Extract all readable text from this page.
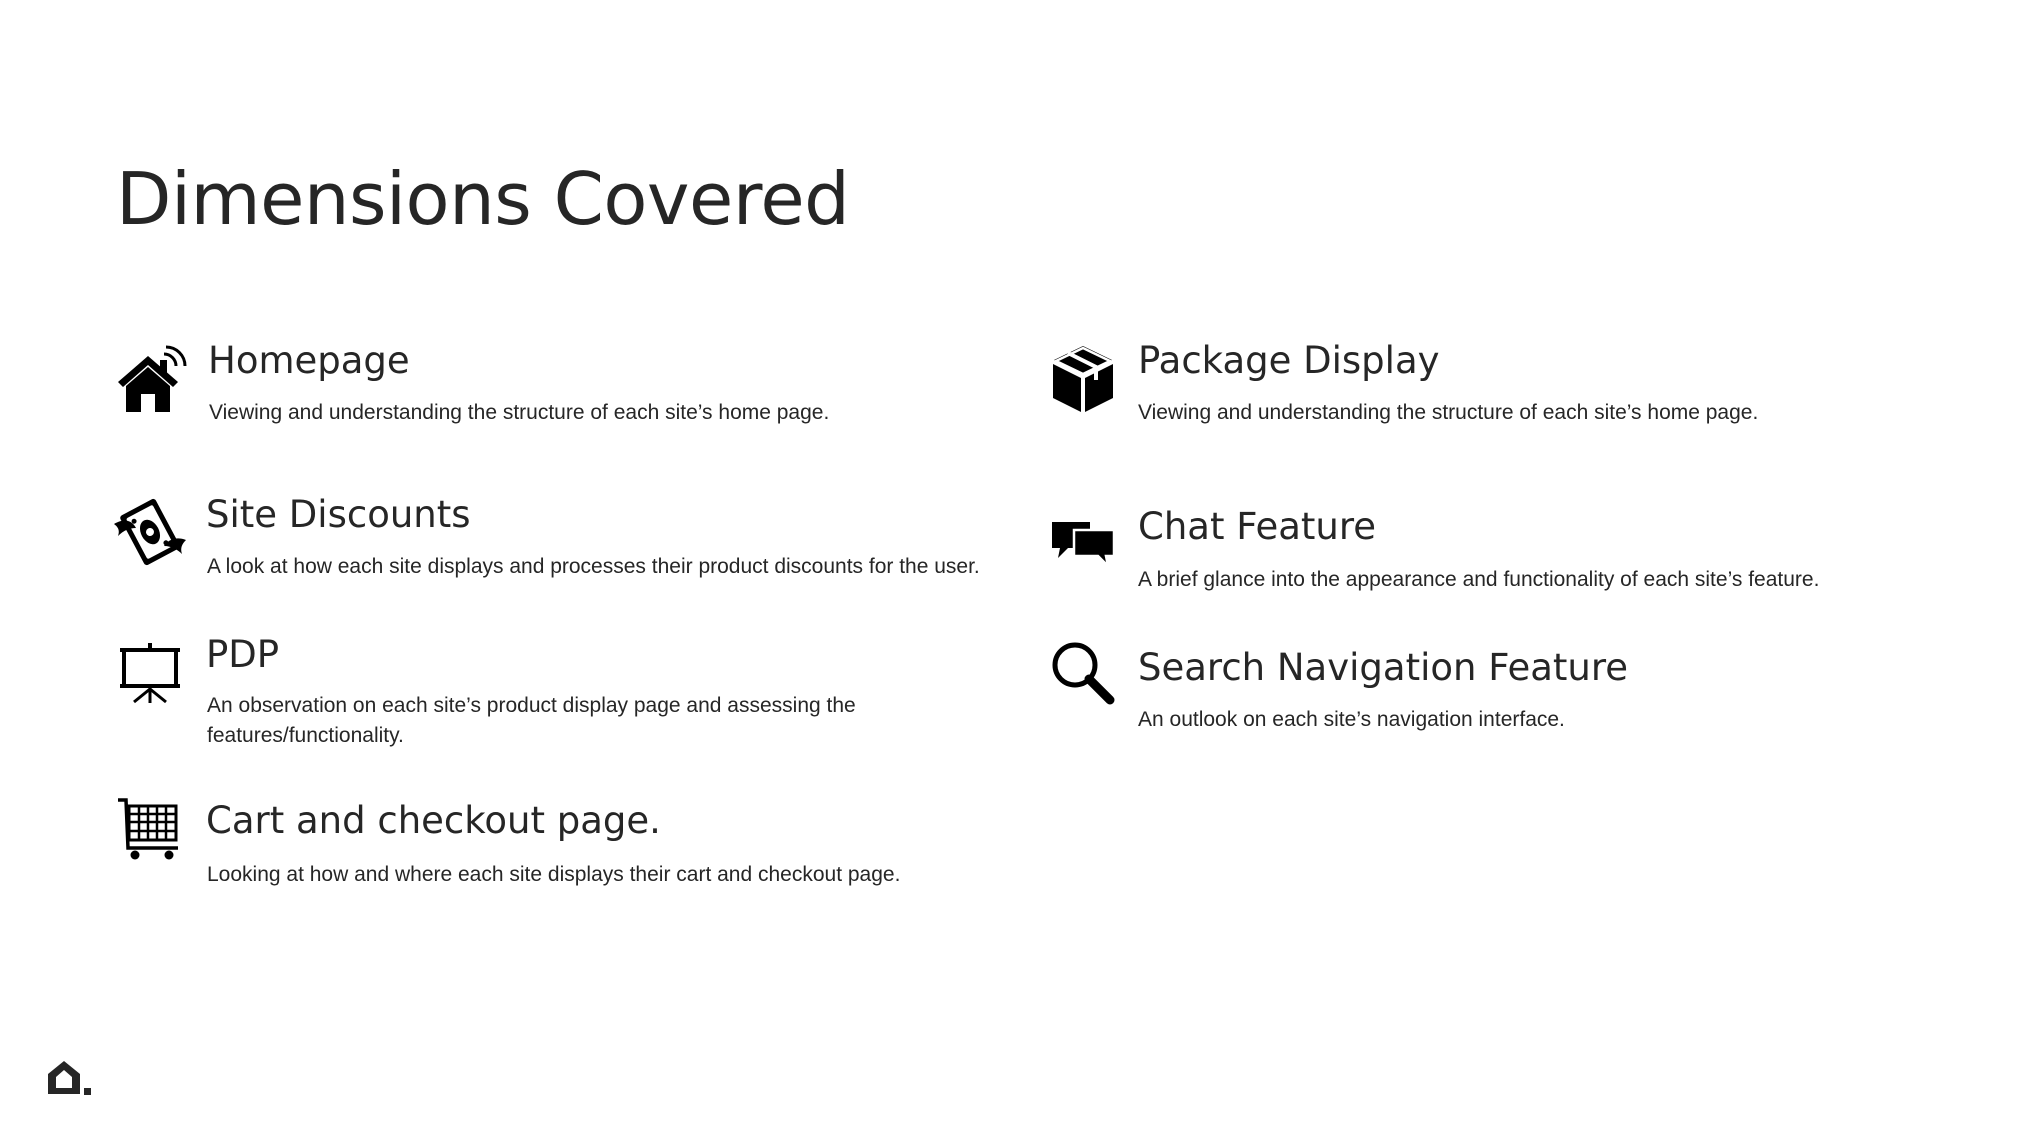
Dimensions Covered
Homepage

Viewing and understanding the structure of each site’s home page.

Package Display

Viewing and understanding the structure of each site’s home page.

Site Discounts

A look at how each site displays and processes their product discounts for the user.

Chat Feature

A brief glance into the appearance and functionality of each site’s feature.

PDP

An observation on each site’s product display page and assessing the features/functionality.

Search Navigation Feature

An outlook on each site’s navigation interface.

Cart and checkout page.

Looking at how and where each site displays their cart and checkout page.
